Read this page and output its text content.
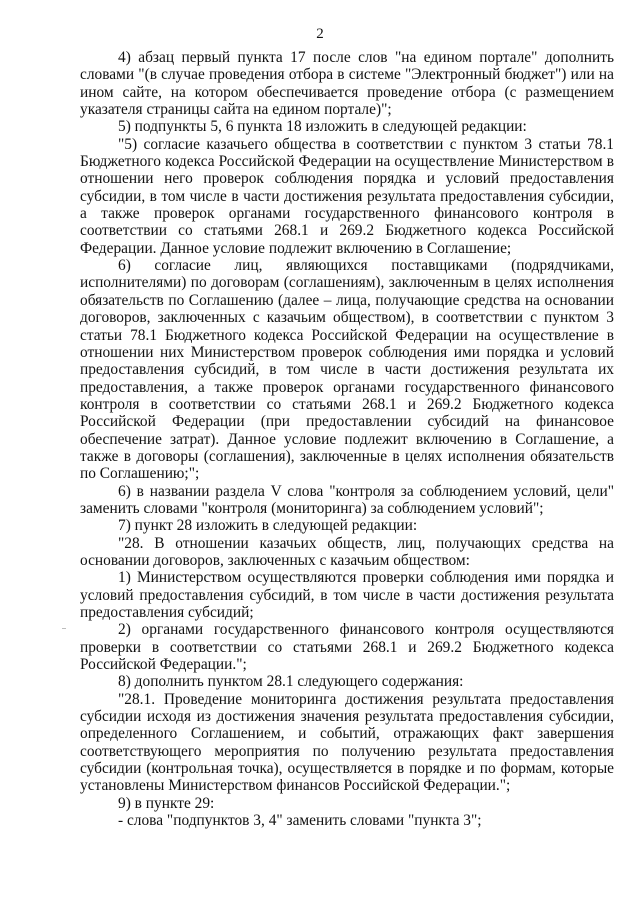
2

4) абзац первый пункта 17 после слов "на едином портале" дополнить словами "(в случае проведения отбора в системе "Электронный бюджет") или на ином сайте, на котором обеспечивается проведение отбора (с размещением указателя страницы сайта на едином портале)";

5) подпункты 5, 6 пункта 18 изложить в следующей редакции:

"5) согласие казачьего общества в соответствии с пунктом 3 статьи 78.1 Бюджетного кодекса Российской Федерации на осуществление Министерством в отношении него проверок соблюдения порядка и условий предоставления субсидии, в том числе в части достижения результата предоставления субсидии, а также проверок органами государственного финансового контроля в соответствии со статьями 268.1 и 269.2 Бюджетного кодекса Российской Федерации. Данное условие подлежит включению в Соглашение;

6) согласие лиц, являющихся поставщиками (подрядчиками, исполнителями) по договорам (соглашениям), заключенным в целях исполнения обязательств по Соглашению (далее – лица, получающие средства на основании договоров, заключенных с казачьим обществом), в соответствии с пунктом 3 статьи 78.1 Бюджетного кодекса Российской Федерации на осуществление в отношении них Министерством проверок соблюдения ими порядка и условий предоставления субсидий, в том числе в части достижения результата их предоставления, а также проверок органами государственного финансового контроля в соответствии со статьями 268.1 и 269.2 Бюджетного кодекса Российской Федерации (при предоставлении субсидий на финансовое обеспечение затрат). Данное условие подлежит включению в Соглашение, а также в договоры (соглашения), заключенные в целях исполнения обязательств по Соглашению;";

6) в названии раздела V слова "контроля за соблюдением условий, цели" заменить словами "контроля (мониторинга) за соблюдением условий";

7) пункт 28 изложить в следующей редакции:

"28. В отношении казачьих обществ, лиц, получающих средства на основании договоров, заключенных с казачьим обществом:

1) Министерством осуществляются проверки соблюдения ими порядка и условий предоставления субсидий, в том числе в части достижения результата предоставления субсидий;

2) органами государственного финансового контроля осуществляются проверки в соответствии со статьями 268.1 и 269.2 Бюджетного кодекса Российской Федерации.";

8) дополнить пунктом 28.1 следующего содержания:

"28.1. Проведение мониторинга достижения результата предоставления субсидии исходя из достижения значения результата предоставления субсидии, определенного Соглашением, и событий, отражающих факт завершения соответствующего мероприятия по получению результата предоставления субсидии (контрольная точка), осуществляется в порядке и по формам, которые установлены Министерством финансов Российской Федерации.";

9) в пункте 29:

- слова "подпунктов 3, 4" заменить словами "пункта 3";
